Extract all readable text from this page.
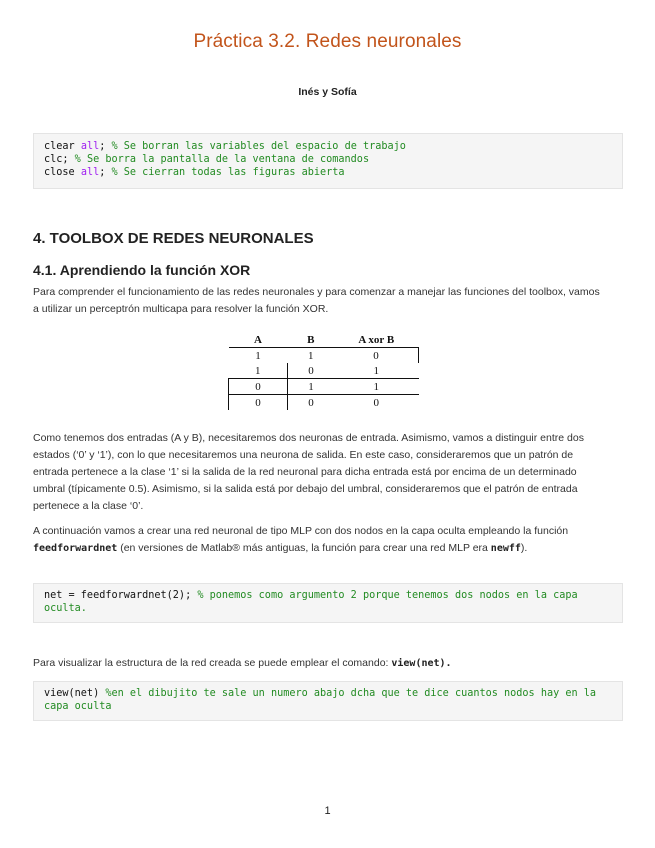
Práctica 3.2. Redes neuronales
Inés y Sofía
clear all; % Se borran las variables del espacio de trabajo
clc; % Se borra la pantalla de la ventana de comandos
close all; % Se cierran todas las figuras abierta
4. TOOLBOX DE REDES NEURONALES
4.1. Aprendiendo la función XOR
Para comprender el funcionamiento de las redes neuronales y para comenzar a manejar las funciones del toolbox, vamos a utilizar un perceptrón multicapa para resolver la función XOR.
A	B	A xor B
1	1	0
1	0	1
0	1	1
0	0	0
Como tenemos dos entradas (A y B), necesitaremos dos neuronas de entrada. Asimismo, vamos a distinguir entre dos estados (‘0’ y ‘1’), con lo que necesitaremos una neurona de salida. En este caso, consideraremos que un patrón de entrada pertenece a la clase ‘1’ si la salida de la red neuronal para dicha entrada está por encima de un determinado umbral (típicamente 0.5). Asimismo, si la salida está por debajo del umbral, consideraremos que el patrón de entrada pertenece a la clase ‘0’.
A continuación vamos a crear una red neuronal de tipo MLP con dos nodos en la capa oculta empleando la función feedforwardnet (en versiones de Matlab® más antiguas, la función para crear una red MLP era newff).
net = feedforwardnet(2); % ponemos como argumento 2 porque tenemos dos nodos en la capa oculta.
Para visualizar la estructura de la red creada se puede emplear el comando: view(net).
view(net) %en el dibujito te sale un numero abajo dcha que te dice cuantos nodos hay en la capa oculta
1
